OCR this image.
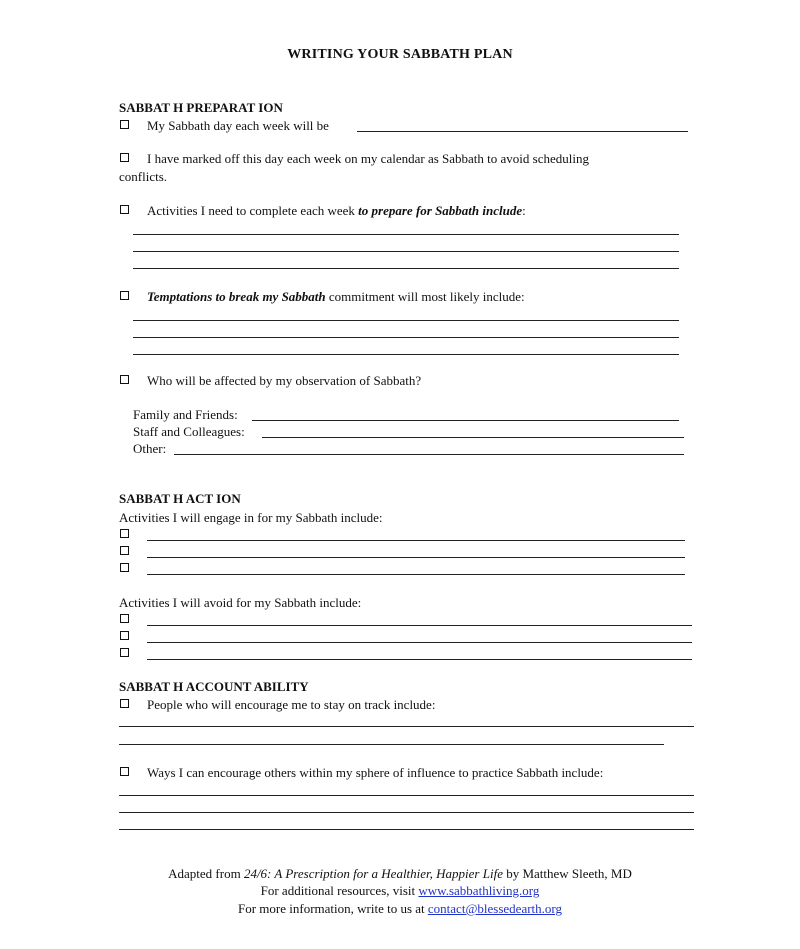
WRITING YOUR SABBATH PLAN
SABBAT H PREPARAT ION
My Sabbath day each week will be
I have marked off this day each week on my calendar as Sabbath to avoid scheduling
conflicts.
Activities I need to complete each week to prepare for Sabbath include:
Temptations to break my Sabbath commitment will most likely include:
Who will be affected by my observation of Sabbath?
Family and Friends:
Staff and Colleagues:
Other:
SABBAT H ACT ION
Activities I will engage in for my Sabbath include:
Activities I will avoid for my Sabbath include:
SABBAT H ACCOUNT ABILITY
People who will encourage me to stay on track include:
Ways I can encourage others within my sphere of influence to practice Sabbath include:
Adapted from 24/6: A Prescription for a Healthier, Happier Life by Matthew Sleeth, MD
For additional resources, visit www.sabbathliving.org
For more information, write to us at contact@blessedearth.org
